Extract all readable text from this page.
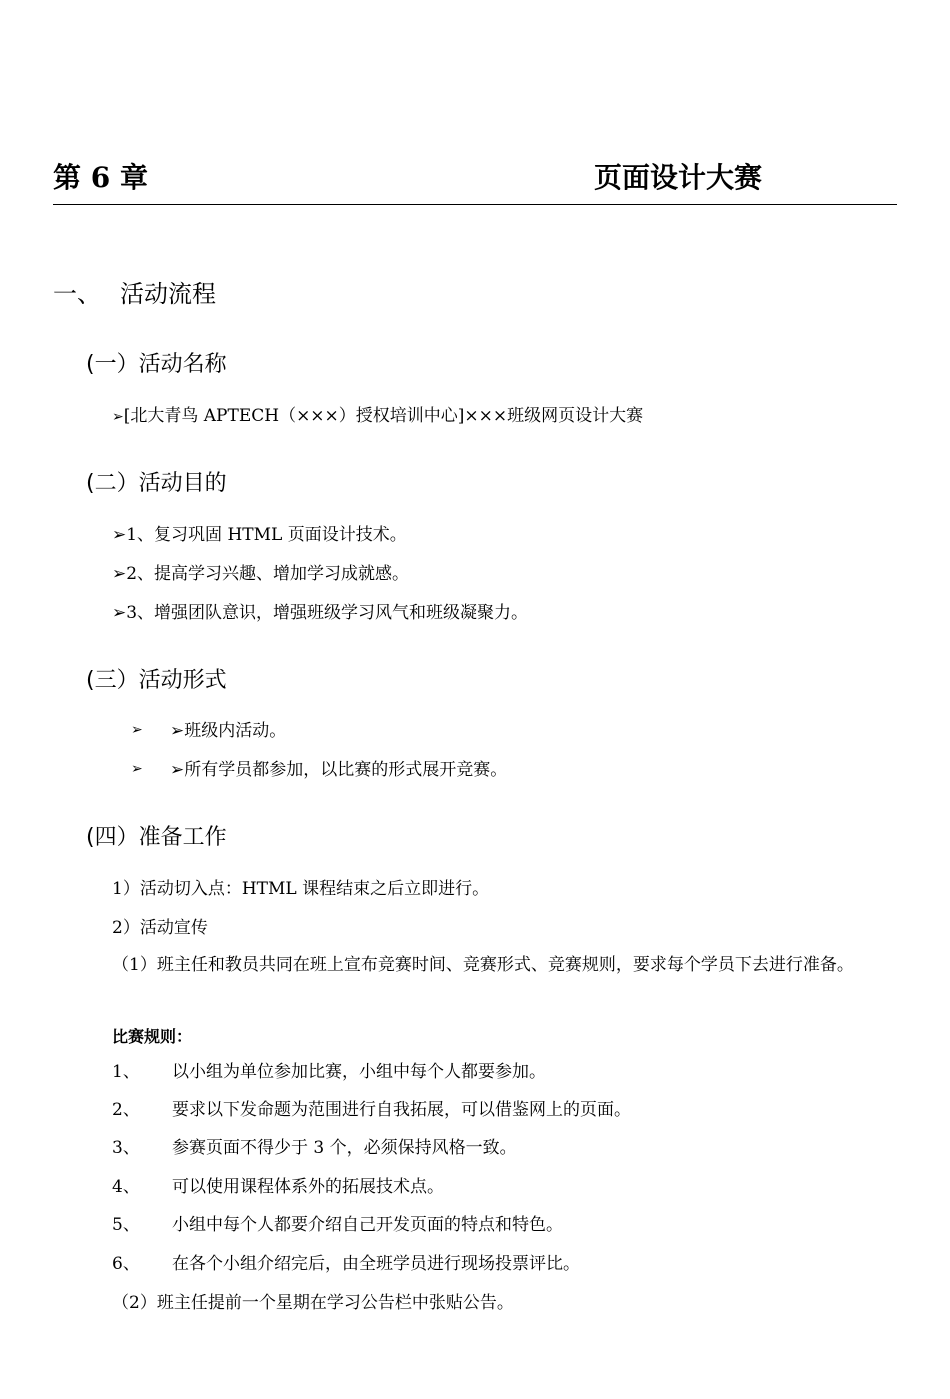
第 6 章	页面设计大赛
一、 活动流程
(一）活动名称
➢[北大青鸟 APTECH（×××）授权培训中心]×××班级网页设计大赛
(二）活动目的
➢1、复习巩固 HTML 页面设计技术。
➢2、提高学习兴趣、增加学习成就感。
➢3、增强团队意识，增强班级学习风气和班级凝聚力。
(三）活动形式
➢ ➢班级内活动。
➢ ➢所有学员都参加，以比赛的形式展开竞赛。
(四）准备工作
1）活动切入点：HTML 课程结束之后立即进行。
2）活动宣传
（1）班主任和教员共同在班上宣布竞赛时间、竞赛形式、竞赛规则，要求每个学员下去进行准备。
比赛规则：
1、 以小组为单位参加比赛，小组中每个人都要参加。
2、 要求以下发命题为范围进行自我拓展，可以借鉴网上的页面。
3、 参赛页面不得少于 3 个，必须保持风格一致。
4、 可以使用课程体系外的拓展技术点。
5、 小组中每个人都要介绍自己开发页面的特点和特色。
6、 在各个小组介绍完后，由全班学员进行现场投票评比。
（2）班主任提前一个星期在学习公告栏中张贴公告。
